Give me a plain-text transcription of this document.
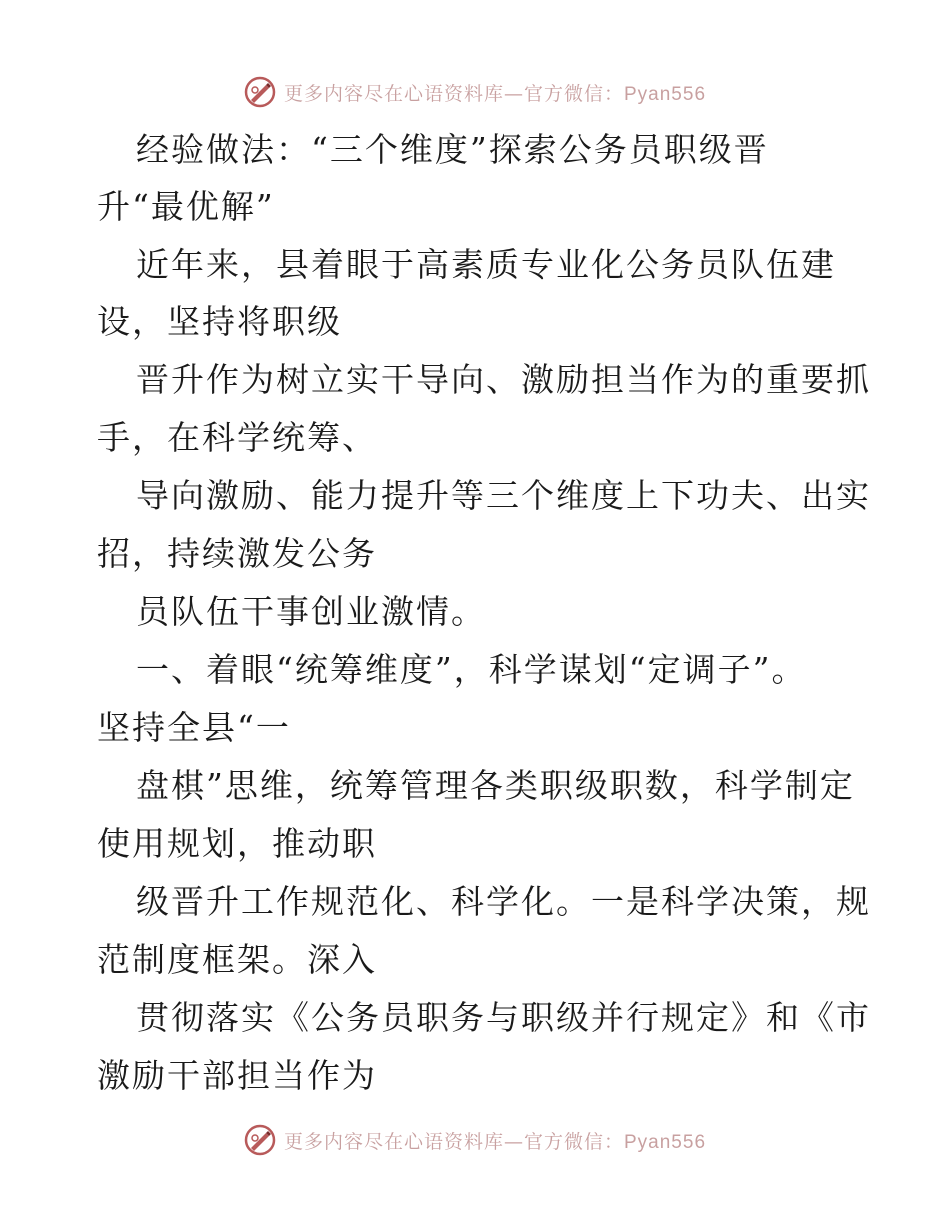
更多内容尽在心语资料库—官方微信：Pyan556
经验做法：“三个维度”探索公务员职级晋
升“最优解”
近年来，县着眼于高素质专业化公务员队伍建
设，坚持将职级
晋升作为树立实干导向、激励担当作为的重要抓
手，在科学统筹、
导向激励、能力提升等三个维度上下功夫、出实
招，持续激发公务
员队伍干事创业激情。
一、着眼“统筹维度”，科学谋划“定调子”。
坚持全县“一
盘棋”思维，统筹管理各类职级职数，科学制定
使用规划，推动职
级晋升工作规范化、科学化。一是科学决策，规
范制度框架。深入
贯彻落实《公务员职务与职级并行规定》和《市
激励干部担当作为
更多内容尽在心语资料库—官方微信：Pyan556
